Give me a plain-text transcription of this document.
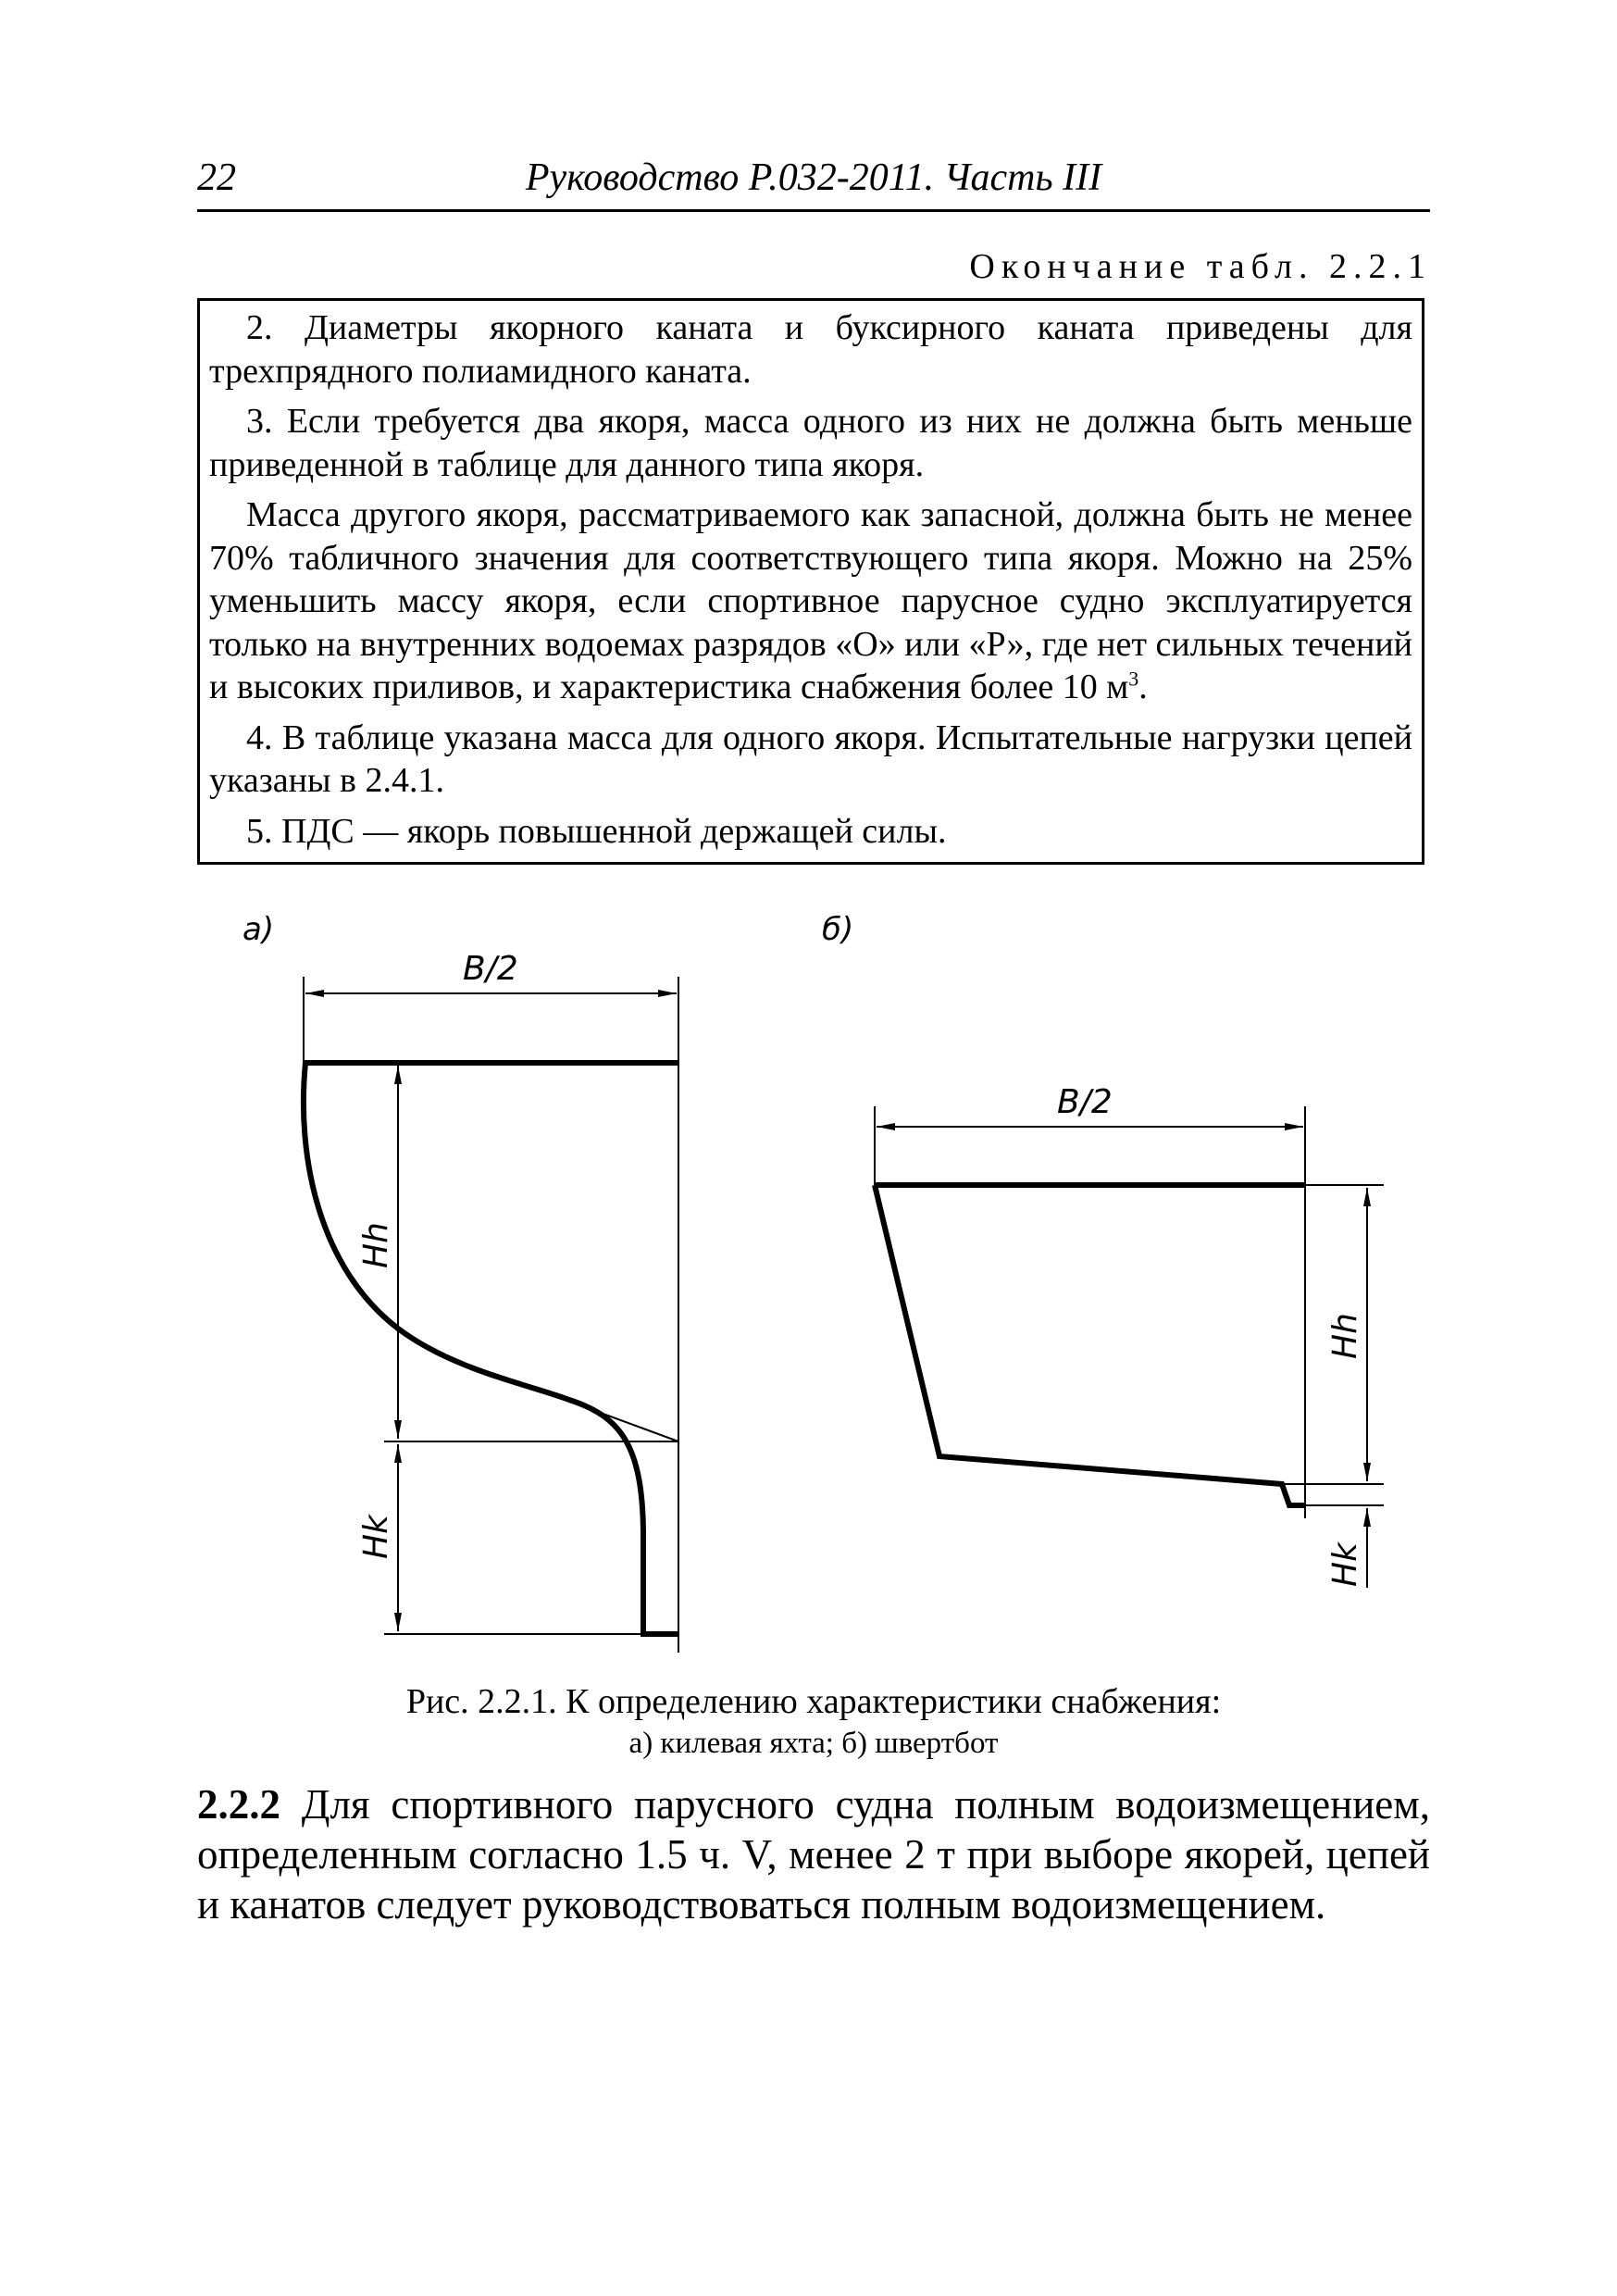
22	Руководство Р.032-2011. Часть III
Окончание табл. 2.2.1

2. Диаметры якорного каната и буксирного каната приведены для трехпрядного полиамидного каната.

3. Если требуется два якоря, масса одного из них не должна быть меньше приведенной в таблице для данного типа якоря.

Масса другого якоря, рассматриваемого как запасной, должна быть не менее 70% табличного значения для соответствующего типа якоря. Можно на 25% уменьшить массу якоря, если спортивное парусное судно эксплуатируется только на внутренних водоемах разрядов «О» или «Р», где нет сильных течений и высоких приливов, и характеристика снабжения более 10 $м^3$.

4. В таблице указана масса для одного якоря. Испытательные нагрузки цепей указаны в 2.4.1.

5. ПДС — якорь повышенной держащей силы.

а)	б)
B/2
Hh
Hk
B/2
Hh
Hk
Рис. 2.2.1. К определению характеристики снабжения:
а) килевая яхта; б) швертбот
2.2.2 Для спортивного парусного судна полным водоизмещением, определенным согласно 1.5 ч. V, менее 2 т при выборе якорей, цепей и канатов следует руководствоваться полным водоизмещением.
